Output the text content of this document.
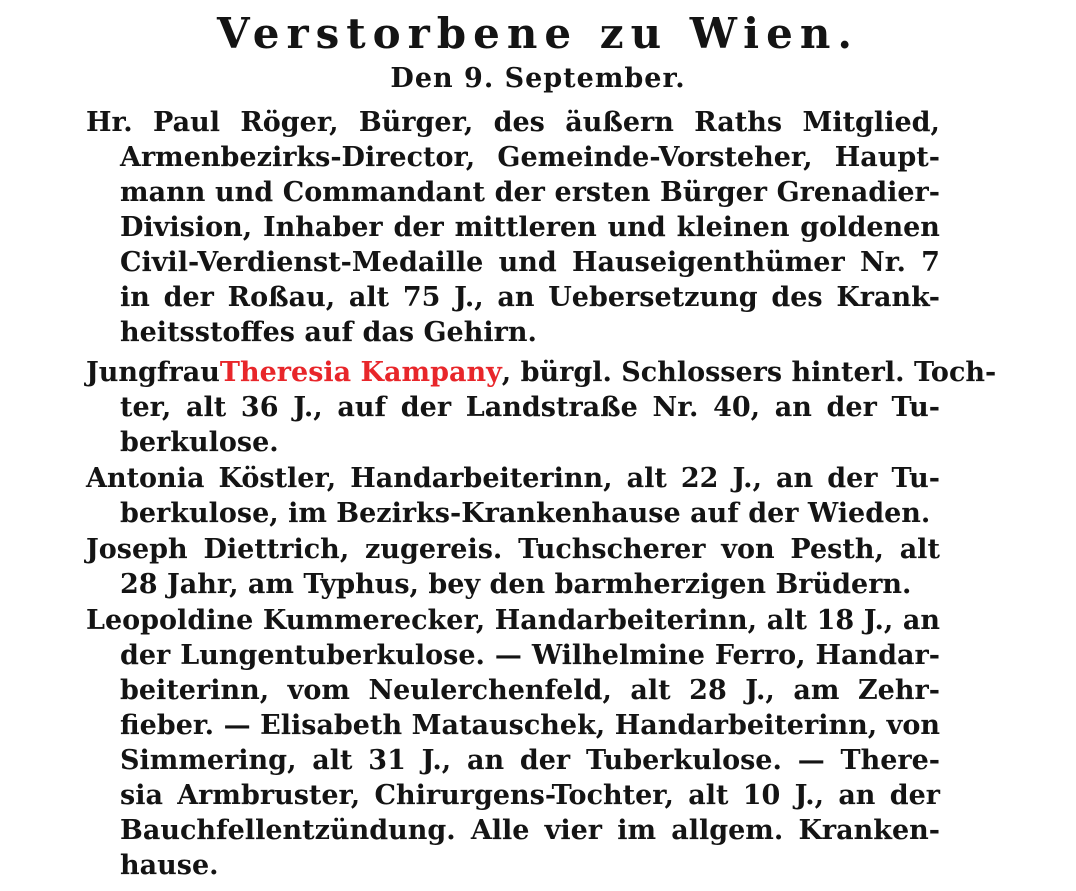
Verstorbene zu Wien.
Den 9. September.
Hr. Paul Röger, Bürger, des äußern Raths Mitglied,
Armenbezirks-Director, Gemeinde-Vorsteher, Haupt-
mann und Commandant der ersten Bürger Grenadier-
Division, Inhaber der mittleren und kleinen goldenen
Civil-Verdienst-Medaille und Hauseigenthümer Nr. 7
in der Roßau, alt 75 J., an Uebersetzung des Krank-
heitsstoffes auf das Gehirn.
Jungfrau Theresia Kampany , bürgl. Schlossers hinterl. Toch-
ter, alt 36 J., auf der Landstraße Nr. 40, an der Tu-
berkulose.
Antonia Köstler, Handarbeiterinn, alt 22 J., an der Tu-
berkulose, im Bezirks-Krankenhause auf der Wieden.
Joseph Diettrich, zugereis. Tuchscherer von Pesth, alt
28 Jahr, am Typhus, bey den barmherzigen Brüdern.
Leopoldine Kummerecker, Handarbeiterinn, alt 18 J., an
der Lungentuberkulose. — Wilhelmine Ferro, Handar-
beiterinn, vom Neulerchenfeld, alt 28 J., am Zehr-
fieber. — Elisabeth Matauschek, Handarbeiterinn, von
Simmering, alt 31 J., an der Tuberkulose. — There-
sia Armbruster, Chirurgens-Tochter, alt 10 J., an der
Bauchfellentzündung. Alle vier im allgem. Kranken-
hause.
